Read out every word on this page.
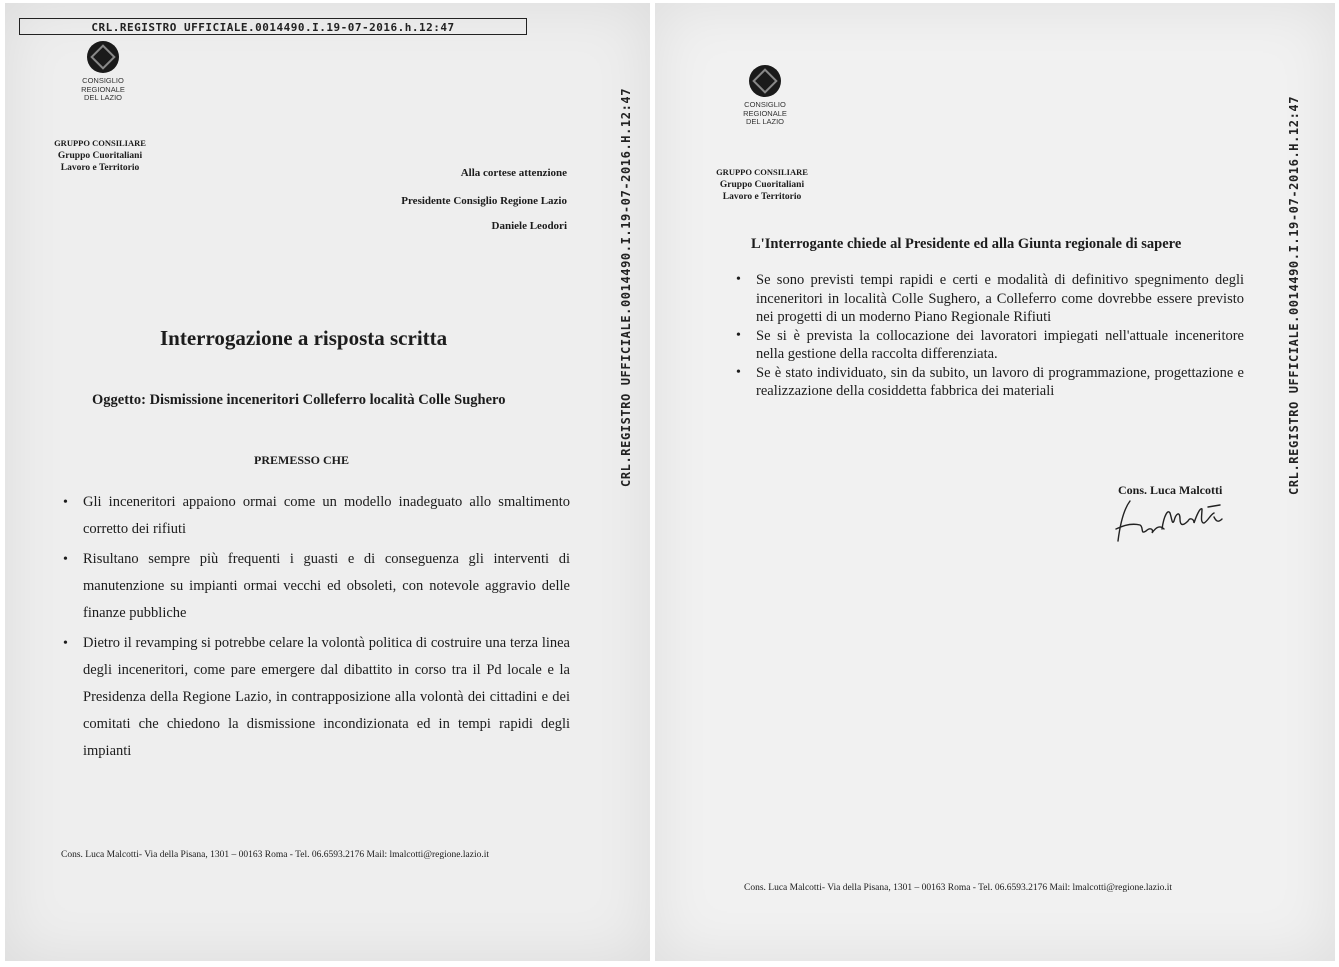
CRL.REGISTRO UFFICIALE.0014490.I.19-07-2016.h.12:47
CRL.REGISTRO UFFICIALE.0014490.I.19-07-2016.H.12:47
CONSIGLIO
REGIONALE
DEL LAZIO
GRUPPO CONSILIARE
Gruppo Cuoritaliani
Lavoro e Territorio	Alla cortese attenzione
Presidente Consiglio Regione Lazio
Daniele Leodori
Interrogazione a risposta scritta
Oggetto: Dismissione inceneritori Colleferro località Colle Sughero
PREMESSO CHE
• Gli inceneritori appaiono ormai come un modello inadeguato allo smaltimento corretto dei rifiuti
• Risultano sempre più frequenti i guasti e di conseguenza gli interventi di manutenzione su impianti ormai vecchi ed obsoleti, con notevole aggravio delle finanze pubbliche
• Dietro il revamping si potrebbe celare la volontà politica di costruire una terza linea degli inceneritori, come pare emergere dal dibattito in corso tra il Pd locale e la Presidenza della Regione Lazio, in contrapposizione alla volontà dei cittadini e dei comitati che chiedono la dismissione incondizionata ed in tempi rapidi degli impianti
Cons. Luca Malcotti- Via della Pisana, 1301 – 00163 Roma - Tel. 06.6593.2176 Mail: lmalcotti@regione.lazio.it
CRL.REGISTRO UFFICIALE.0014490.I.19-07-2016.H.12:47
CONSIGLIO
REGIONALE
DEL LAZIO
GRUPPO CONSILIARE
Gruppo Cuoritaliani
Lavoro e Territorio
L'Interrogante chiede al Presidente ed alla Giunta regionale di sapere
• Se sono previsti tempi rapidi e certi e modalità di definitivo spegnimento degli inceneritori in località Colle Sughero, a Colleferro come dovrebbe essere previsto nei progetti di un moderno Piano Regionale Rifiuti
• Se si è prevista la collocazione dei lavoratori impiegati nell'attuale inceneritore nella gestione della raccolta differenziata.
• Se è stato individuato, sin da subito, un lavoro di programmazione, progettazione e realizzazione della cosiddetta fabbrica dei materiali
Cons. Luca Malcotti
Cons. Luca Malcotti- Via della Pisana, 1301 – 00163 Roma - Tel. 06.6593.2176 Mail: lmalcotti@regione.lazio.it
